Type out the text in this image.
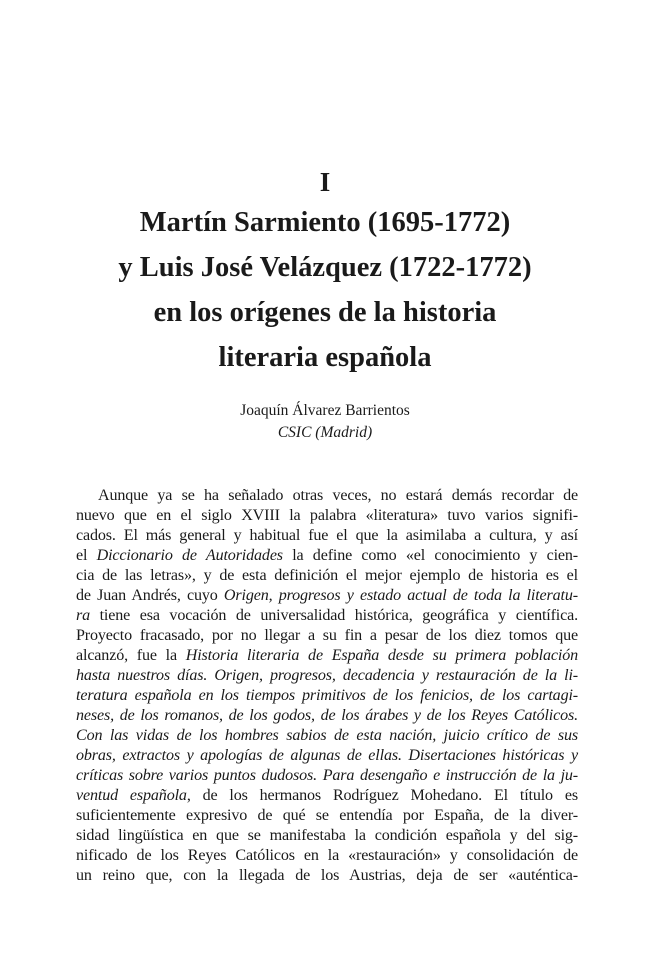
I
Martín Sarmiento (1695-1772)
y Luis José Velázquez (1722-1772)
en los orígenes de la historia
literaria española
Joaquín Álvarez Barrientos
CSIC (Madrid)
Aunque ya se ha señalado otras veces, no estará demás recordar de
nuevo que en el siglo XVIII la palabra «literatura» tuvo varios signifi-
cados. El más general y habitual fue el que la asimilaba a cultura, y así
el Diccionario de Autoridades la define como «el conocimiento y cien-
cia de las letras», y de esta definición el mejor ejemplo de historia es el
de Juan Andrés, cuyo Origen, progresos y estado actual de toda la literatu-
ra tiene esa vocación de universalidad histórica, geográfica y científica.
Proyecto fracasado, por no llegar a su fin a pesar de los diez tomos que
alcanzó, fue la Historia literaria de España desde su primera población
hasta nuestros días. Origen, progresos, decadencia y restauración de la li-
teratura española en los tiempos primitivos de los fenicios, de los cartagi-
neses, de los romanos, de los godos, de los árabes y de los Reyes Católicos.
Con las vidas de los hombres sabios de esta nación, juicio crítico de sus
obras, extractos y apologías de algunas de ellas. Disertaciones históricas y
críticas sobre varios puntos dudosos. Para desengaño e instrucción de la ju-
ventud española, de los hermanos Rodríguez Mohedano. El título es
suficientemente expresivo de qué se entendía por España, de la diver-
sidad lingüística en que se manifestaba la condición española y del sig-
nificado de los Reyes Católicos en la «restauración» y consolidación de
un reino que, con la llegada de los Austrias, deja de ser «auténtica-
